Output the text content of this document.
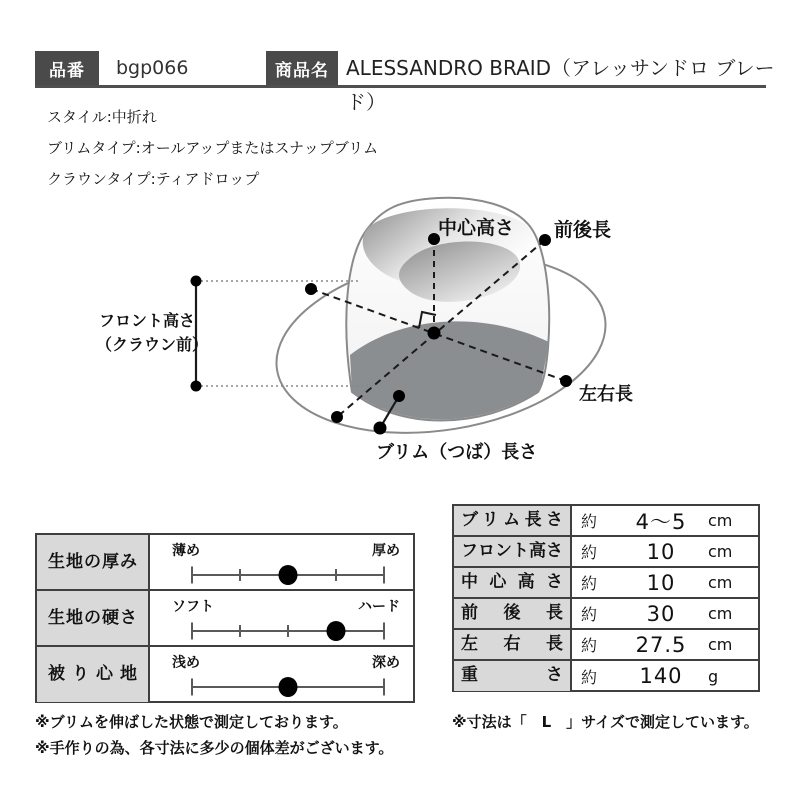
品番	bgp066	商品名 ALESSANDRO BRAID（アレッサンドロ ブレード）
スタイル:中折れ
ブリムタイプ:オールアップまたはスナップブリム
クラウンタイプ:ティアドロップ
中心高さ 前後長
フロント高さ
（クラウン前）
左右長
ブリム（つば）長さ
生地の厚み
薄め	厚め
生地の硬さ
ソフト	ハード
被り心地
浅め	深め
ブリム長さ	約	4～5	cm
フロント高さ	約	10	cm
中心高さ	約	10	cm
前後長	約	30	cm
左右長	約	27.5	cm
重さ	約	140	g
※ブリムを伸ばした状態で測定しております。
※手作りの為、各寸法に多少の個体差がございます。
※寸法は「　L　」サイズで測定しています。
